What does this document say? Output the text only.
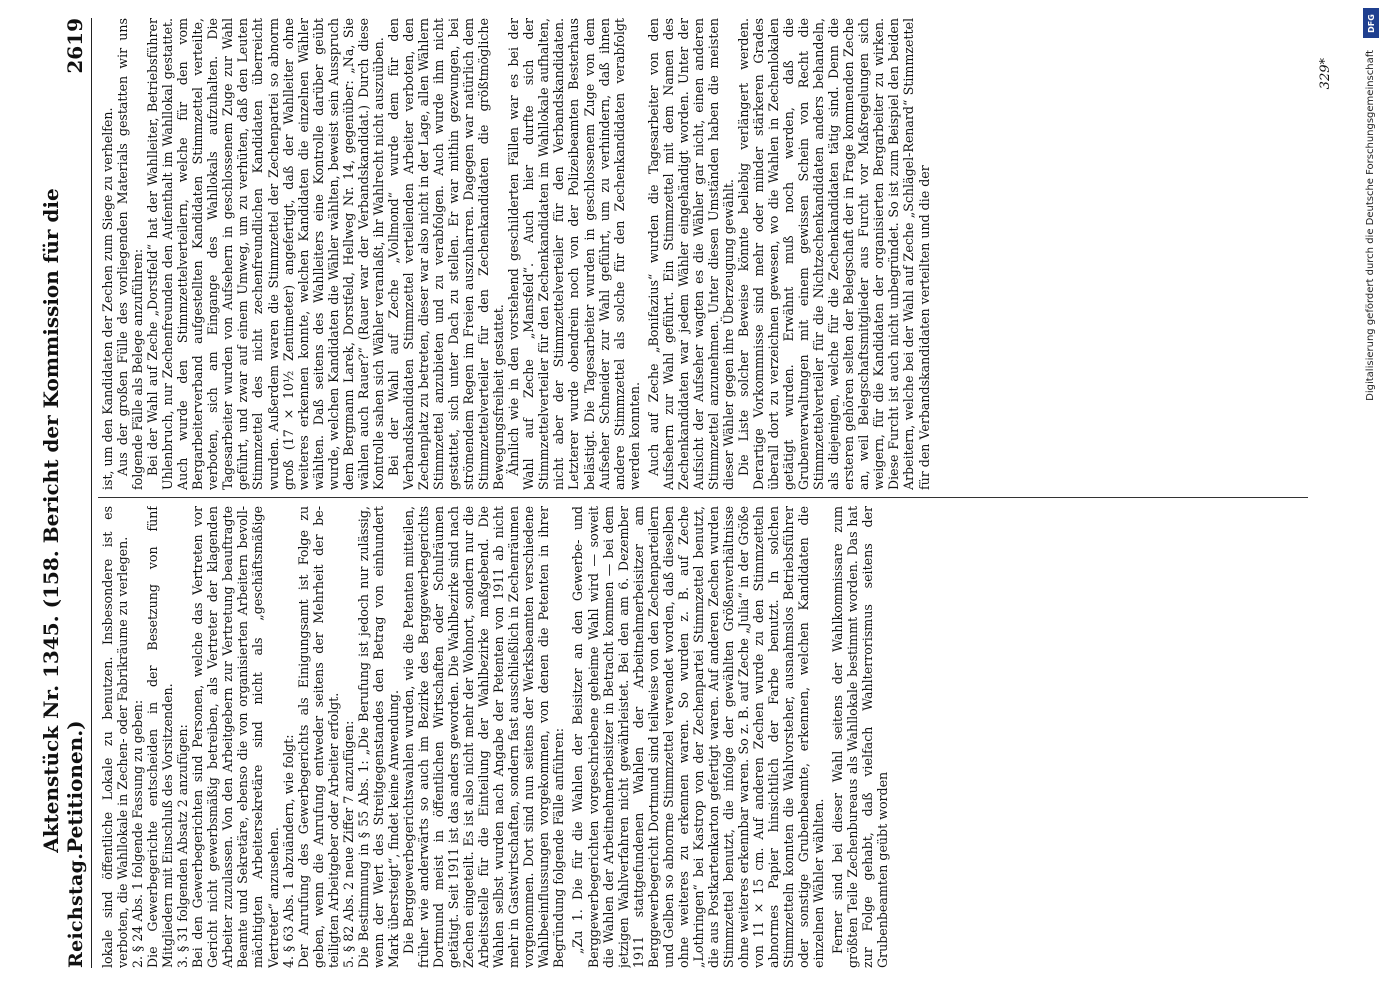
Reichstag.
Aktenstück Nr. 1345. (158. Bericht der Kommission für die Petitionen.)
2619

lokale sind öffentliche Lokale zu benutzen. Insbesondere ist es verboten, die Wahllokale in Zechen- oder Fabrikräume zu verlegen. 2. § 24 Abs. 1 folgende Fassung zu geben: Die Gewerbegerichte entscheiden in der Besetzung von fünf Mitgliedern mit Einschluß des Vorsitzenden. 3. § 31 folgenden Absatz 2 anzufügen: Bei den Gewerbegerichten sind Personen, welche das Vertreten vor Gericht nicht gewerbsmäßig betreiben, als Vertreter der klagenden Arbeiter zuzulassen. Von den Arbeitgebern zur Vertretung beauftragte Beamte und Sekretäre, ebenso die von organisierten Arbeitern bevollmächtigten Arbeitersekretäre sind nicht als „geschäftsmäßige Vertreter“ anzusehen. 4. § 63 Abs. 1 abzuändern, wie folgt: Der Anrufung des Gewerbegerichts als Einigungsamt ist Folge zu geben, wenn die Anrufung entweder seitens der Mehrheit der beteiligten Arbeitgeber oder Arbeiter erfolgt. 5. § 82 Abs. 2 neue Ziffer 7 anzufügen: Die Bestimmung in § 55 Abs. 1: „Die Berufung ist jedoch nur zulässig, wenn der Wert des Streitgegenstandes den Betrag von einhundert Mark übersteigt“, findet keine Anwendung. Die Berggewerbegerichtswahlen wurden, wie die Petenten mitteilen, früher wie anderwärts so auch im Bezirke des Berggewerbegerichts Dortmund meist in öffentlichen Wirtschaften oder Schulräumen getätigt. Seit 1911 ist das anders geworden. Die Wahlbezirke sind nach Zechen eingeteilt. Es ist also nicht mehr der Wohnort, sondern nur die Arbeitsstelle für die Einteilung der Wahlbezirke maßgebend. Die Wahlen selbst wurden nach Angabe der Petenten von 1911 ab nicht mehr in Gastwirtschaften, sondern fast ausschließlich in Zechenräumen vorgenommen. Dort sind nun seitens der Werksbeamten verschiedene Wahlbeeinflussungen vorgekommen, von denen die Petenten in ihrer Begründung folgende Fälle anführen: „Zu 1. Die für die Wahlen der Beisitzer an den Gewerbe- und Berggewerbegerichten vorgeschriebene geheime Wahl wird — soweit die Wahlen der Arbeitnehmerbeisitzer in Betracht kommen — bei dem jetzigen Wahlverfahren nicht gewährleistet. Bei den am 6. Dezember 1911 stattgefundenen Wahlen der Arbeitnehmerbeisitzer am Berggewerbegericht Dortmund sind teilweise von den Zechenparteilern und Gelben so abnorme Stimmzettel verwendet worden, daß dieselben ohne weiteres zu erkennen waren. So wurden z. B. auf Zeche „Lothringen“ bei Kastrop von der Zechenpartei Stimmzettel benutzt, die aus Postkartenkarton gefertigt waren. Auf anderen Zechen wurden Stimmzettel benutzt, die infolge der gewählten Größenverhältnisse ohne weiteres erkennbar waren. So z. B. auf Zeche „Julia“ in der Größe von 11 × 15 cm. Auf anderen Zechen wurde zu den Stimmzetteln abnormes Papier hinsichtlich der Farbe benutzt. In solchen Stimmzetteln konnten die Wahlvorsteher, ausnahmslos Betriebsführer oder sonstige Grubenbeamte, erkennen, welchen Kandidaten die einzelnen Wähler wählten. Ferner sind bei dieser Wahl seitens der Wahlkommissare zum größten Teile Zechenbureaus als Wahllokale bestimmt worden. Das hat zur Folge gehabt, daß vielfach Wahlterrorismus seitens der Grubenbeamten geübt worden

ist, um den Kandidaten der Zechen zum Siege zu verhelfen. Aus der großen Fülle des vorliegenden Materials gestatten wir uns folgende Fälle als Belege anzuführen: Bei der Wahl auf Zeche „Dorstfeld“ hat der Wahlleiter, Betriebsführer Uhlenbruch, nur Zechenfreunden den Aufenthalt im Wahllokal gestattet. Auch wurde den Stimmzettelverteilern, welche für den vom Bergarbeiterverband aufgestellten Kandidaten Stimmzettel verteilte, verboten, sich am Eingange des Wahllokals aufzuhalten. Die Tagesarbeiter wurden von Aufsehern in geschlossenem Zuge zur Wahl geführt, und zwar auf einem Umweg, um zu verhüten, daß den Leuten Stimmzettel des nicht zechenfreundlichen Kandidaten überreicht wurden. Außerdem waren die Stimmzettel der Zechenpartei so abnorm groß (17 × 10½ Zentimeter) angefertigt, daß der Wahlleiter ohne weiteres erkennen konnte, welchen Kandidaten die einzelnen Wähler wählten. Daß seitens des Wahlleiters eine Kontrolle darüber geübt wurde, welchen Kandidaten die Wähler wählten, beweist sein Ausspruch dem Bergmann Larek, Dorstfeld, Hellweg Nr. 14, gegenüber: „Na, Sie wählen auch Rauer?“ (Rauer war der Verbandskandidat.) Durch diese Kontrolle sahen sich Wähler veranlaßt, ihr Wahlrecht nicht auszuüben. Bei der Wahl auf Zeche „Vollmond“ wurde dem für den Verbandskandidaten Stimmzettel verteilenden Arbeiter verboten, den Zechenplatz zu betreten, dieser war also nicht in der Lage, allen Wählern Stimmzettel anzubieten und zu verabfolgen. Auch wurde ihm nicht gestattet, sich unter Dach zu stellen. Er war mithin gezwungen, bei strömendem Regen im Freien auszuharren. Dagegen war natürlich dem Stimmzettelverteiler für den Zechenkandidaten die größtmögliche Bewegungsfreiheit gestattet. Ähnlich wie in den vorstehend geschilderten Fällen war es bei der Wahl auf Zeche „Mansfeld“. Auch hier durfte sich der Stimmzettelverteiler für den Zechenkandidaten im Wahllokale aufhalten, nicht aber der Stimmzettelverteiler für den Verbandskandidaten. Letzterer wurde obendrein noch von der Polizeibeamten Besterhaus belästigt. Die Tagesarbeiter wurden in geschlossenem Zuge von dem Aufseher Schneider zur Wahl geführt, um zu verhindern, daß ihnen andere Stimmzettel als solche für den Zechenkandidaten verabfolgt werden konnten. Auch auf Zeche „Bonifazius“ wurden die Tagesarbeiter von den Aufsehern zur Wahl geführt. Ein Stimmzettel mit dem Namen des Zechenkandidaten war jedem Wähler eingehändigt worden. Unter der Aufsicht der Aufseher wagten es die Wähler gar nicht, einen anderen Stimmzettel anzunehmen. Unter diesen Umständen haben die meisten dieser Wähler gegen ihre Überzeugung gewählt. Die Liste solcher Beweise könnte beliebig verlängert werden. Derartige Vorkommnisse sind mehr oder minder stärkeren Grades überall dort zu verzeichnen gewesen, wo die Wahlen in Zechenlokalen getätigt wurden. Erwähnt muß noch werden, daß die Grubenverwaltungen mit einem gewissen Schein von Recht die Stimmzettelverteiler für die Nichtzechenkandidaten anders behandeln, als diejenigen, welche für die Zechenkandidaten tätig sind. Denn die ersteren gehören selten der Belegschaft der in Frage kommenden Zeche an, weil Belegschaftsmitglieder aus Furcht vor Maßregelungen sich weigern, für die Kandidaten der organisierten Bergarbeiter zu wirken. Diese Furcht ist auch nicht unbegründet. So ist zum Beispiel den beiden Arbeitern, welche bei der Wahl auf Zeche „Schlägel-Renard“ Stimmzettel für den Verbandskandidaten verteilten und die der

329*	Digitalisierung gefördert durch die Deutsche Forschungsgemeinschaft
DFG
